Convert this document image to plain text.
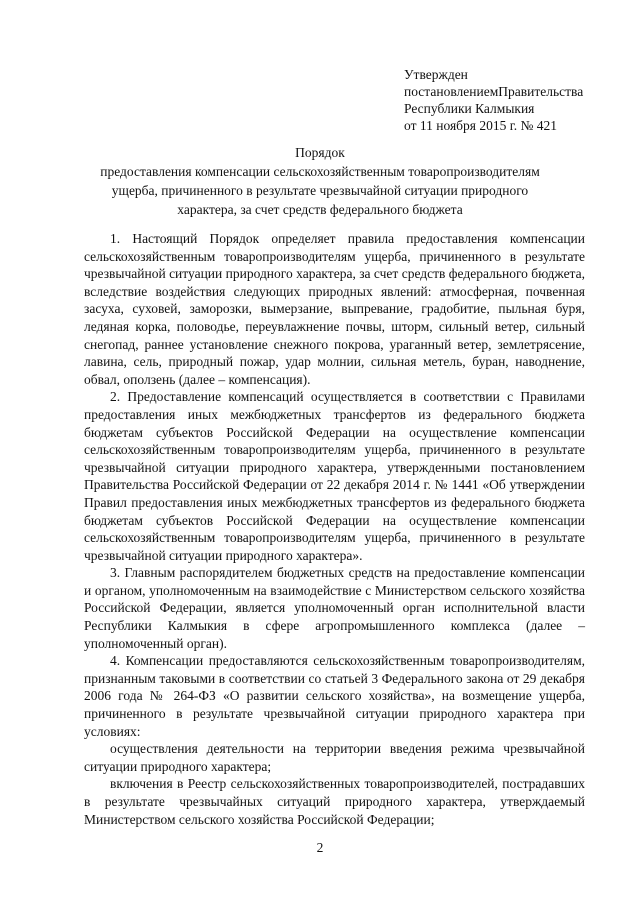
Утвержден
постановлением Правительства
Республики Калмыкия
от 11 ноября 2015 г. № 421
Порядок
предоставления компенсации сельскохозяйственным товаропроизводителям
ущерба, причиненного в результате чрезвычайной ситуации природного
характера, за счет средств федерального бюджета

1. Настоящий Порядок определяет правила предоставления компенсации сельскохозяйственным товаропроизводителям ущерба, причиненного в результате чрезвычайной ситуации природного характера, за счет средств федерального бюджета, вследствие воздействия следующих природных явлений: атмосферная, почвенная засуха, суховей, заморозки, вымерзание, выпревание, градобитие, пыльная буря, ледяная корка, половодье, переувлажнение почвы, шторм, сильный ветер, сильный снегопад, раннее установление снежного покрова, ураганный ветер, землетрясение, лавина, сель, природный пожар, удар молнии, сильная метель, буран, наводнение, обвал, оползень (далее – компенсация).

2. Предоставление компенсаций осуществляется в соответствии с Правилами предоставления иных межбюджетных трансфертов из федерального бюджета бюджетам субъектов Российской Федерации на осуществление компенсации сельскохозяйственным товаропроизводителям ущерба, причиненного в результате чрезвычайной ситуации природного характера, утвержденными постановлением Правительства Российской Федерации от 22 декабря 2014 г. № 1441 «Об утверждении Правил предоставления иных межбюджетных трансфертов из федерального бюджета бюджетам субъектов Российской Федерации на осуществление компенсации сельскохозяйственным товаропроизводителям ущерба, причиненного в результате чрезвычайной ситуации природного характера».

3. Главным распорядителем бюджетных средств на предоставление компенсации и органом, уполномоченным на взаимодействие с Министерством сельского хозяйства Российской Федерации, является уполномоченный орган исполнительной власти Республики Калмыкия в сфере агропромышленного комплекса (далее – уполномоченный орган).

4. Компенсации предоставляются сельскохозяйственным товаропроизводителям, признанным таковыми в соответствии со статьей 3 Федерального закона от 29 декабря 2006 года № 264-ФЗ «О развитии сельского хозяйства», на возмещение ущерба, причиненного в результате чрезвычайной ситуации природного характера при условиях:

осуществления деятельности на территории введения режима чрезвычайной ситуации природного характера;

включения в Реестр сельскохозяйственных товаропроизводителей, пострадавших в результате чрезвычайных ситуаций природного характера, утверждаемый Министерством сельского хозяйства Российской Федерации;

2
